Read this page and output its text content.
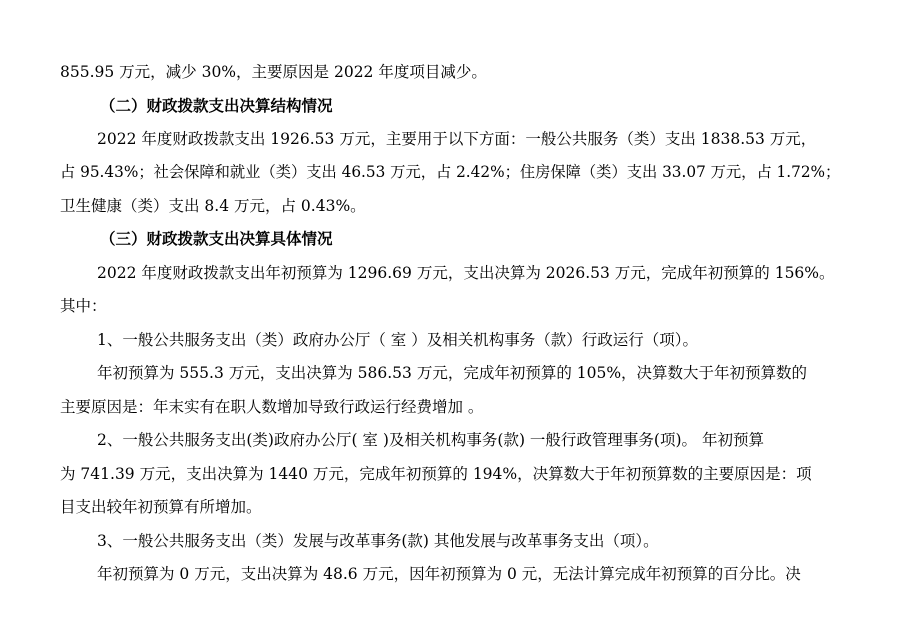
855.95 万元，减少 30%，主要原因是 2022 年度项目减少。
（二）财政拨款支出决算结构情况
2022 年度财政拨款支出 1926.53 万元，主要用于以下方面：一般公共服务（类）支出 1838.53 万元，
占 95.43%；社会保障和就业（类）支出 46.53 万元，占 2.42%；住房保障（类）支出 33.07 万元，占 1.72%；
卫生健康（类）支出 8.4 万元，占 0.43%。
（三）财政拨款支出决算具体情况
2022 年度财政拨款支出年初预算为 1296.69 万元，支出决算为 2026.53 万元，完成年初预算的 156%。
其中：
1、一般公共服务支出（类）政府办公厅（ 室 ）及相关机构事务（款）行政运行（项）。
年初预算为 555.3 万元，支出决算为 586.53 万元，完成年初预算的 105%，决算数大于年初预算数的
主要原因是：年末实有在职人数增加导致行政运行经费增加 。
2、一般公共服务支出(类)政府办公厅( 室 )及相关机构事务(款) 一般行政管理事务(项)。 年初预算
为 741.39 万元，支出决算为 1440 万元，完成年初预算的 194%，决算数大于年初预算数的主要原因是：项
目支出较年初预算有所增加。
3、一般公共服务支出（类）发展与改革事务(款) 其他发展与改革事务支出（项）。
年初预算为 0 万元，支出决算为 48.6 万元，因年初预算为 0 元，无法计算完成年初预算的百分比。决
